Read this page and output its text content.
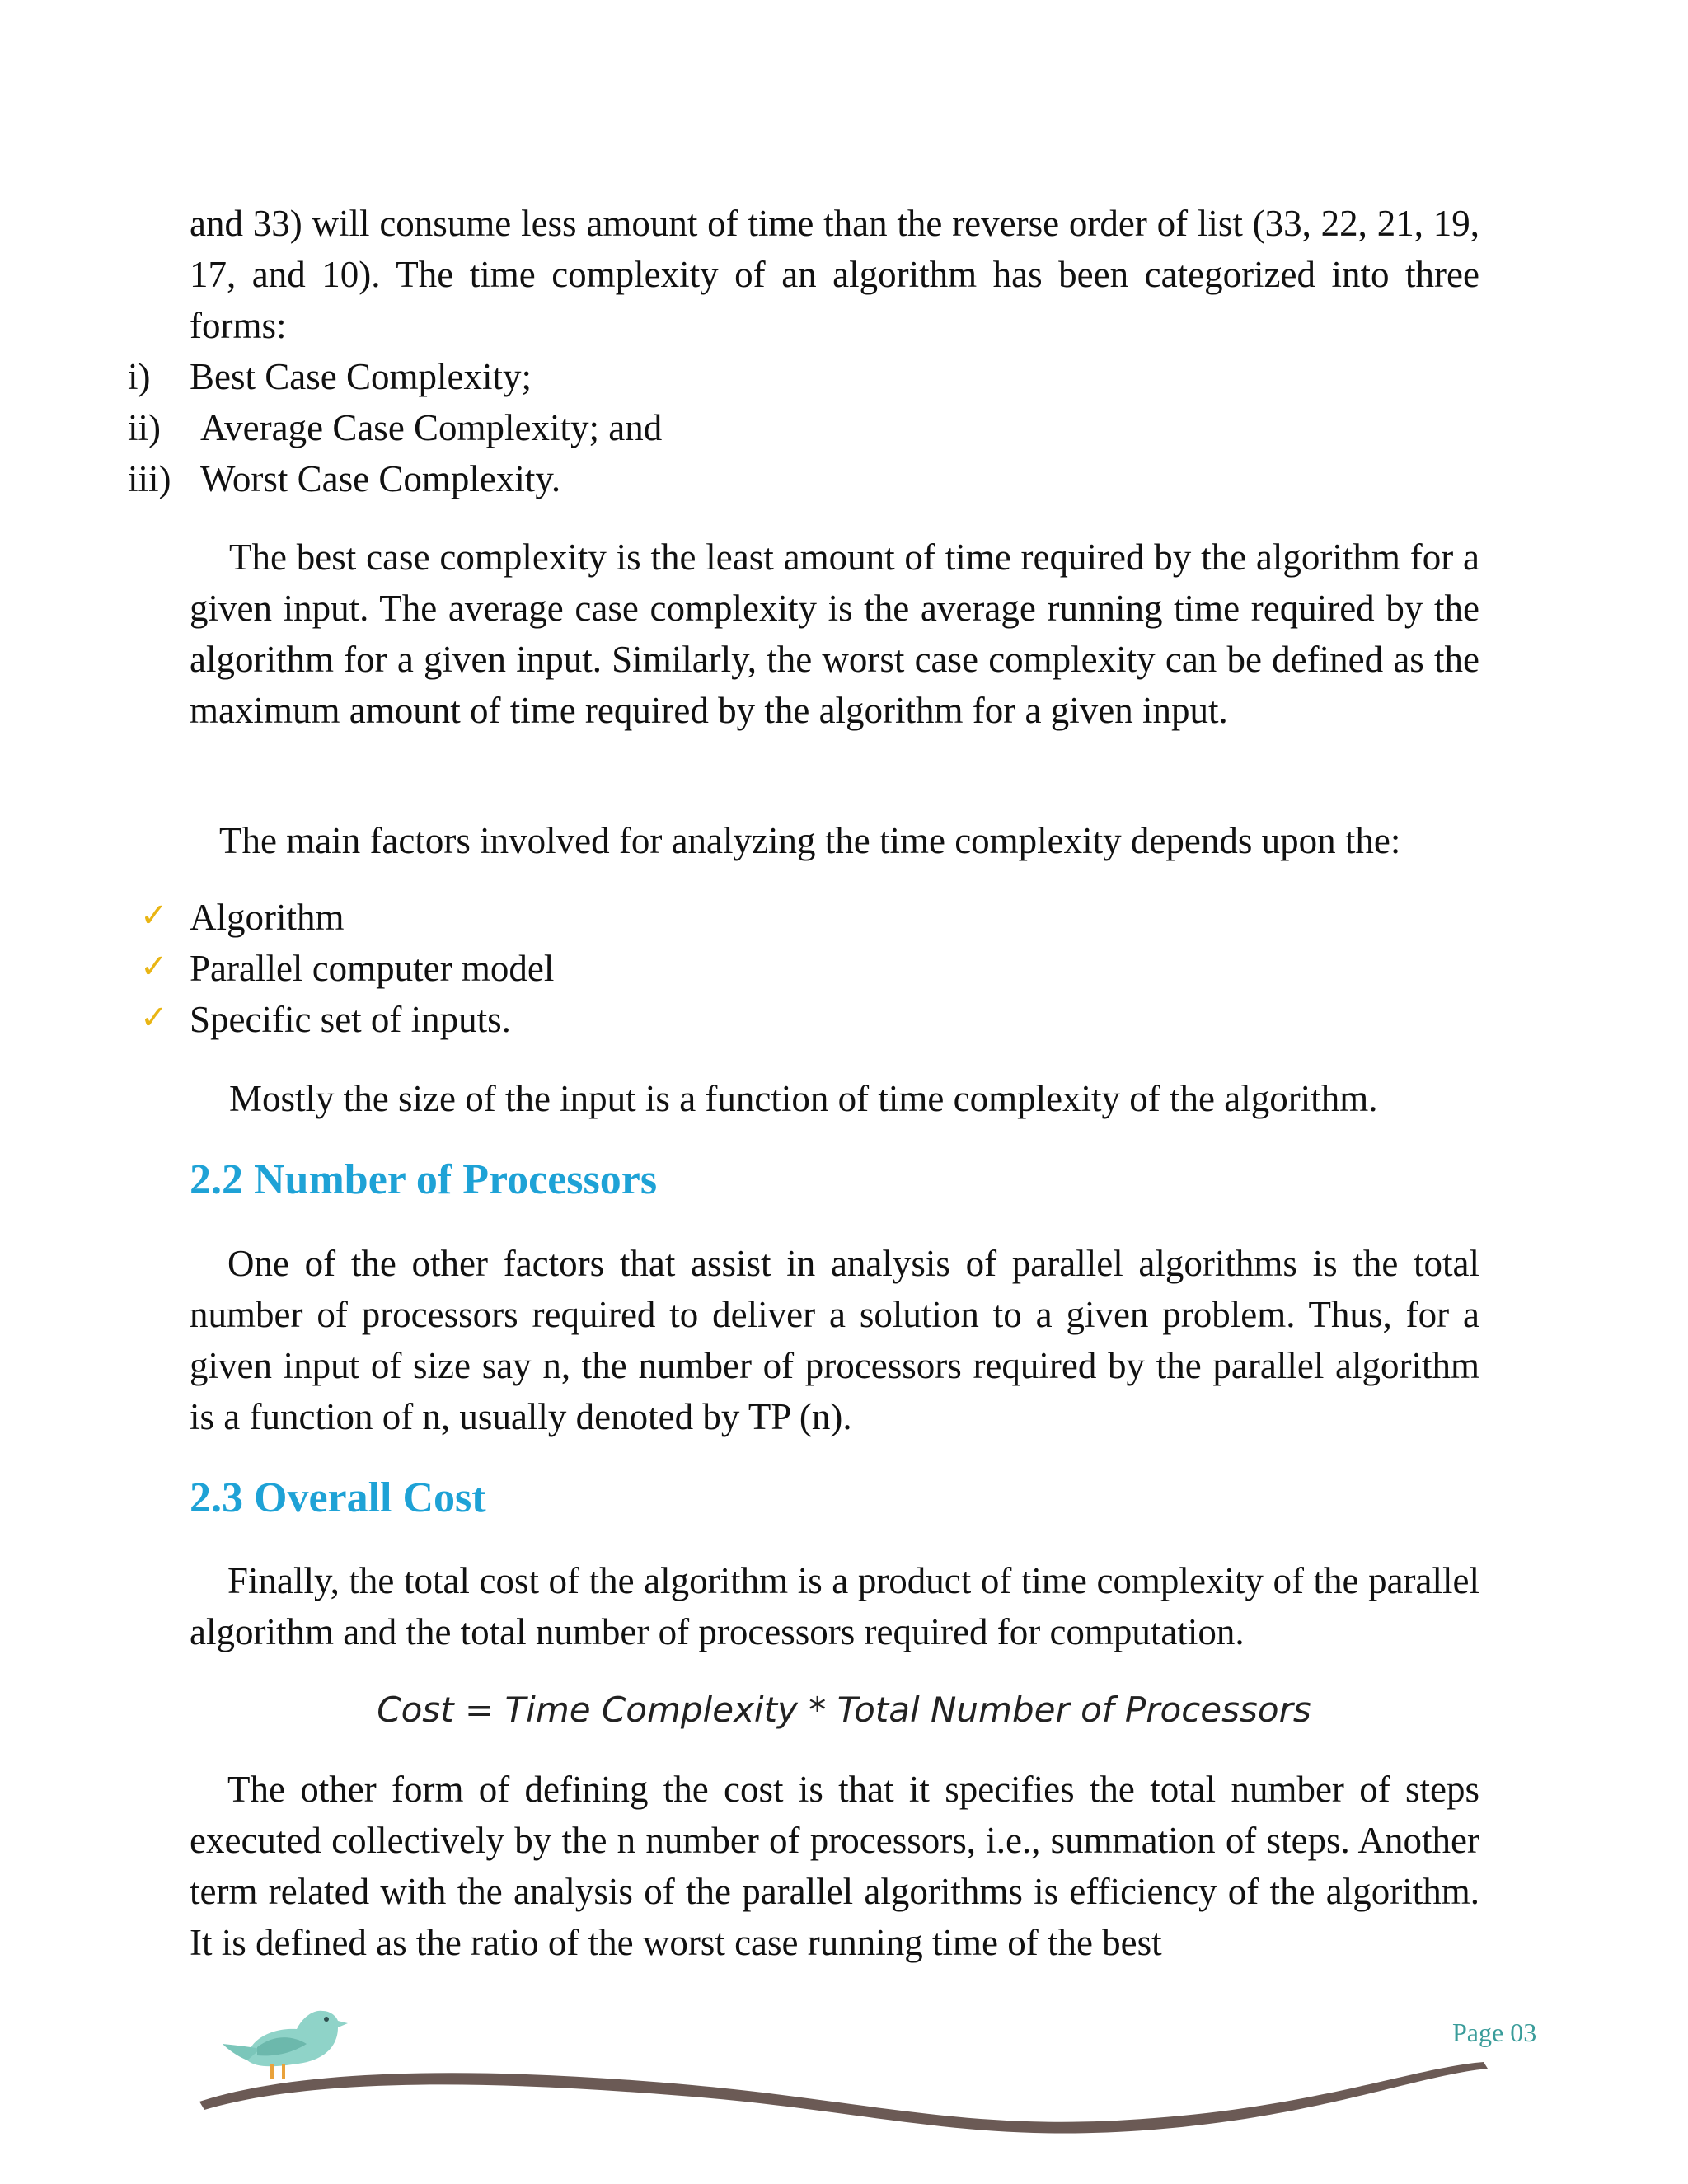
and 33) will consume less amount of time than the reverse order of list (33, 22, 21, 19, 17, and 10). The time complexity of an algorithm has been categorized into three forms:

i) Best Case Complexity;
ii) Average Case Complexity; and
iii) Worst Case Complexity.

The best case complexity is the least amount of time required by the algorithm for a given input. The average case complexity is the average running time required by the algorithm for a given input. Similarly, the worst case complexity can be defined as the maximum amount of time required by the algorithm for a given input.

The main factors involved for analyzing the time complexity depends upon the:

✓ Algorithm
✓ Parallel computer model
✓ Specific set of inputs.

Mostly the size of the input is a function of time complexity of the algorithm.

2.2 Number of Processors

One of the other factors that assist in analysis of parallel algorithms is the total number of processors required to deliver a solution to a given problem. Thus, for a given input of size say n, the number of processors required by the parallel algorithm is a function of n, usually denoted by TP (n).

2.3 Overall Cost

Finally, the total cost of the algorithm is a product of time complexity of the parallel algorithm and the total number of processors required for computation.

Cost = Time Complexity * Total Number of Processors

The other form of defining the cost is that it specifies the total number of steps executed collectively by the n number of processors, i.e., summation of steps. Another term related with the analysis of the parallel algorithms is efficiency of the algorithm. It is defined as the ratio of the worst case running time of the best

Page 03
